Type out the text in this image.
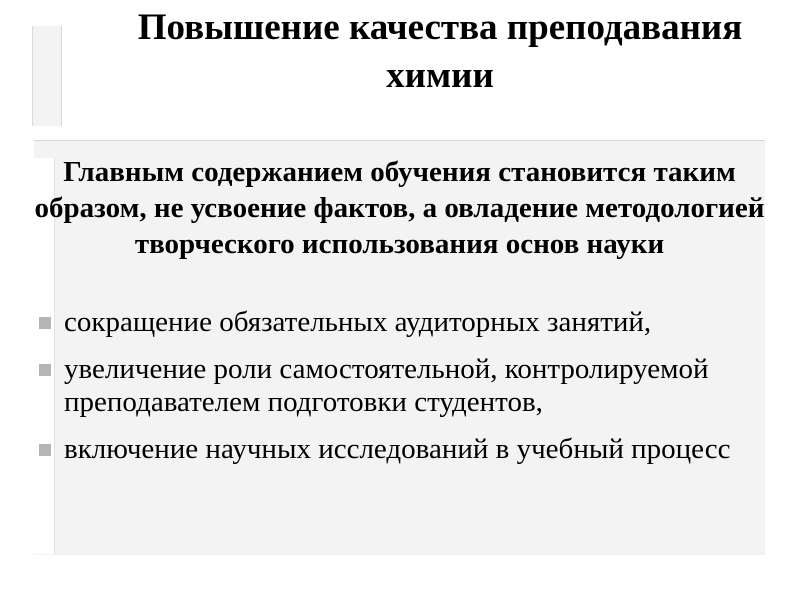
Повышение качества преподавания химии

Главным содержанием обучения становится таким образом, не усвоение фактов, а овладение методологией творческого использования основ науки

сокращение обязательных аудиторных занятий,
увеличение роли самостоятельной, контролируемой преподавателем подготовки студентов,
включение научных исследований в учебный процесс
